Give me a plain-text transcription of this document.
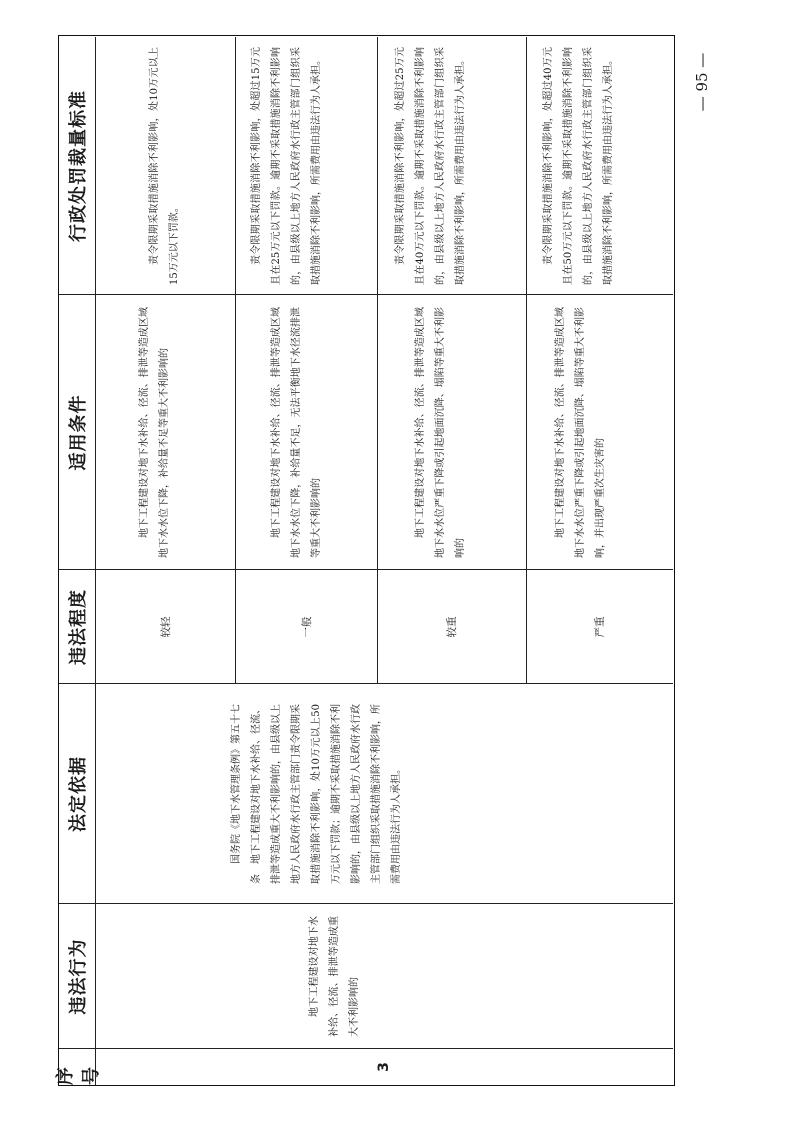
序号
违法行为
法定依据
违法程度
适用条件
行政处罚裁量标准
3
地下工程建设对地下水补给、径流、排泄等造成重大不利影响的
国务院《地下水管理条例》第五十七条　地下工程建设对地下水补给、径流、排泄等造成重大不利影响的，由县级以上地方人民政府水行政主管部门责令限期采取措施消除不利影响，处10万元以上50万元以下罚款；逾期不采取措施消除不利影响的，由县级以上地方人民政府水行政主管部门组织采取措施消除不利影响，所需费用由违法行为人承担。
较轻
地下工程建设对地下水补给、径流、排泄等造成区域地下水水位下降，补给量不足等重大不利影响的
责令限期采取措施消除不利影响，处10万元以上15万元以下罚款。
一般
地下工程建设对地下水补给、径流、排泄等造成区域地下水水位下降，补给量不足，无法平衡地下水径流排泄等重大不利影响的
责令限期采取措施消除不利影响，处超过15万元且在25万元以下罚款。逾期不采取措施消除不利影响的，由县级以上地方人民政府水行政主管部门组织采取措施消除不利影响，所需费用由违法行为人承担。
较重
地下工程建设对地下水补给、径流、排泄等造成区域地下水水位严重下降或引起地面沉降、塌陷等重大不利影响的
责令限期采取措施消除不利影响，处超过25万元且在40万元以下罚款。逾期不采取措施消除不利影响的，由县级以上地方人民政府水行政主管部门组织采取措施消除不利影响，所需费用由违法行为人承担。
严重
地下工程建设对地下水补给、径流、排泄等造成区域地下水水位严重下降或引起地面沉降、塌陷等重大不利影响，并出现严重次生灾害的
责令限期采取措施消除不利影响，处超过40万元且在50万元以下罚款。逾期不采取措施消除不利影响的，由县级以上地方人民政府水行政主管部门组织采取措施消除不利影响，所需费用由违法行为人承担。	— 95 —
